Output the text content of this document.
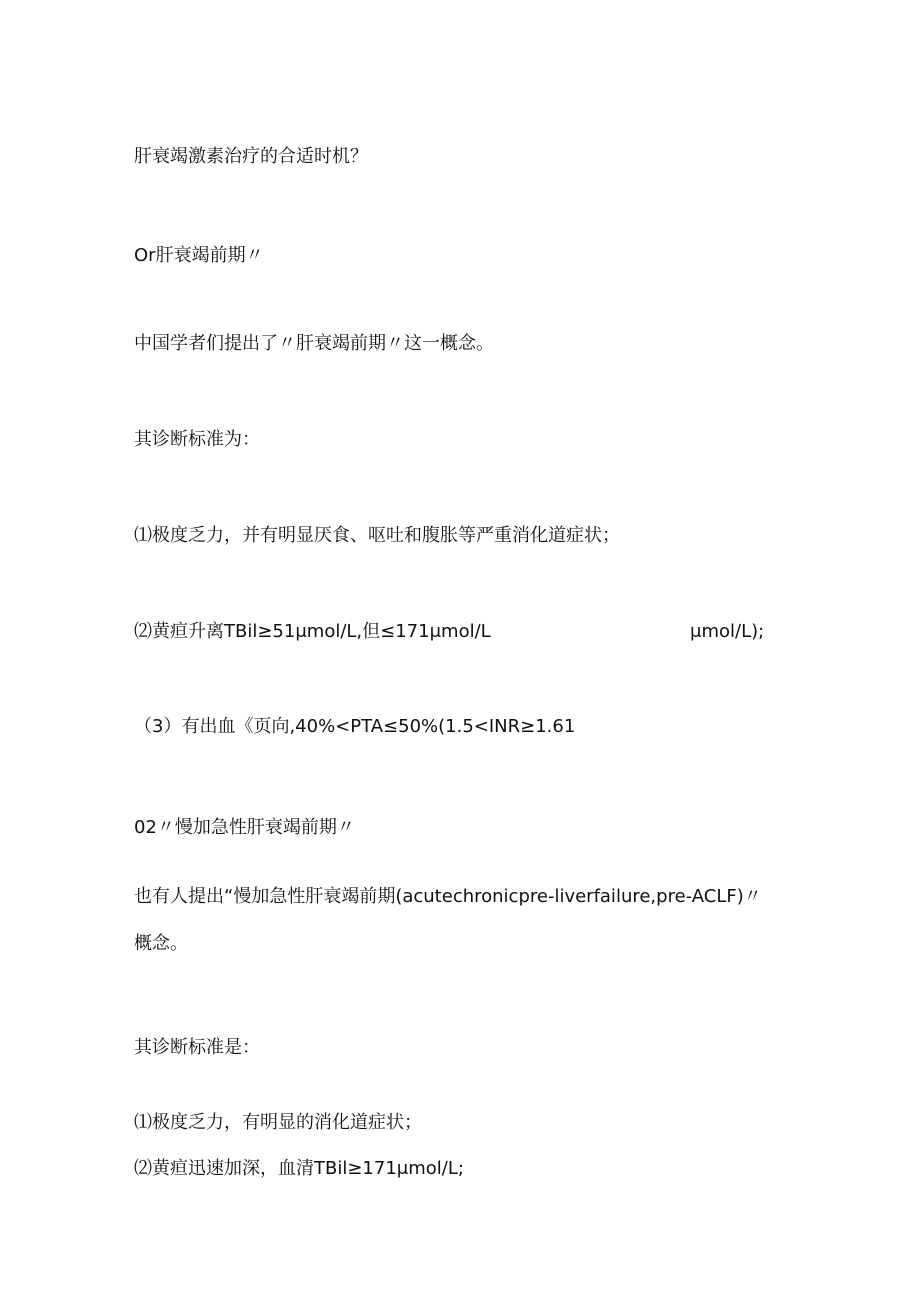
肝衰竭激素治疗的合适时机？
Or肝衰竭前期〃
中国学者们提出了〃肝衰竭前期〃这一概念。
其诊断标准为：
⑴极度乏力，并有明显厌食、呕吐和腹胀等严重消化道症状；
⑵黄疸升离TBil≥51μmol∕L,但≤171μmol∕L	μmol∕L);
（3）有出血《页向,40%<PTA≤50%(1.5<INR≥1.61
02〃慢加急性肝衰竭前期〃
也有人提出“慢加急性肝衰竭前期(acutechronicpre-liverfailure,pre-ACLF)〃
概念。
其诊断标准是：
⑴极度乏力，有明显的消化道症状；
⑵黄疸迅速加深，血清TBil≥171μmol∕L;
